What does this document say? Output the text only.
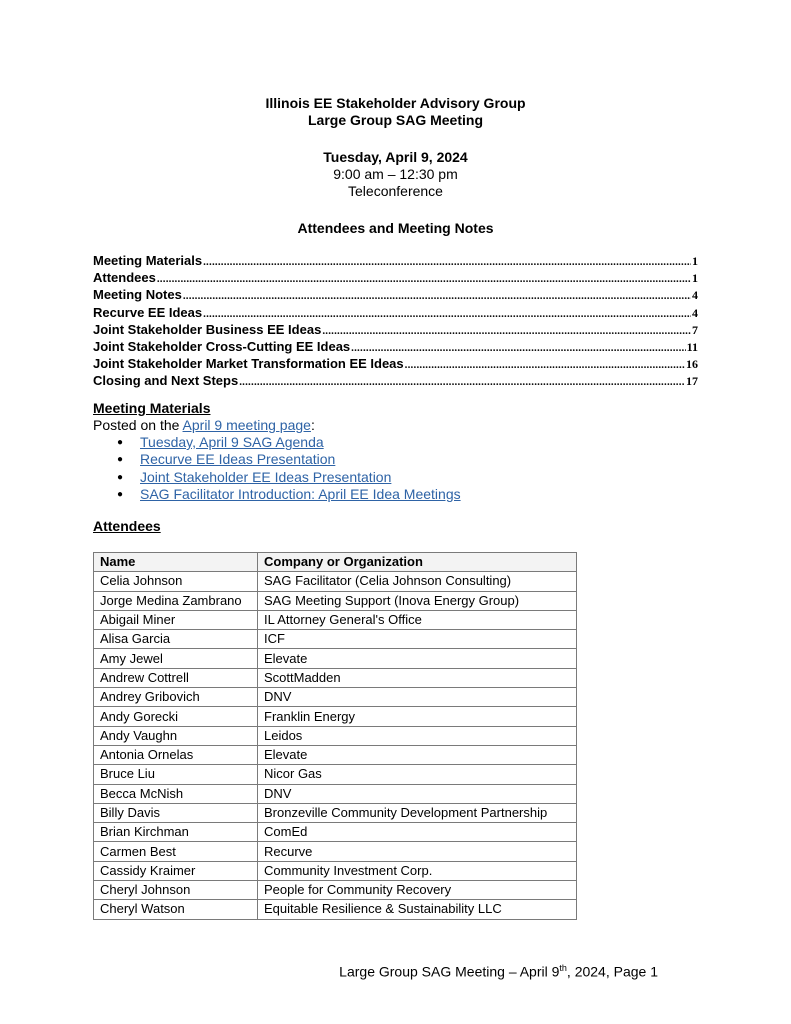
Illinois EE Stakeholder Advisory Group

Large Group SAG Meeting

Tuesday, April 9, 2024

9:00 am – 12:30 pm

Teleconference

Attendees and Meeting Notes

Meeting Materials .....	1
Attendees .....	1
Meeting Notes .....	4
Recurve EE Ideas .....	4
Joint Stakeholder Business EE Ideas .....	7
Joint Stakeholder Cross-Cutting EE Ideas .....	11
Joint Stakeholder Market Transformation EE Ideas .....	16
Closing and Next Steps .....	17
Meeting Materials
Posted on the April 9 meeting page:
● Tuesday, April 9 SAG Agenda
● Recurve EE Ideas Presentation
● Joint Stakeholder EE Ideas Presentation
● SAG Facilitator Introduction: April EE Idea Meetings
Attendees
Name	Company or Organization
Celia Johnson	SAG Facilitator (Celia Johnson Consulting)
Jorge Medina Zambrano	SAG Meeting Support (Inova Energy Group)
Abigail Miner	IL Attorney General's Office
Alisa Garcia	ICF
Amy Jewel	Elevate
Andrew Cottrell	ScottMadden
Andrey Gribovich	DNV
Andy Gorecki	Franklin Energy
Andy Vaughn	Leidos
Antonia Ornelas	Elevate
Bruce Liu	Nicor Gas
Becca McNish	DNV
Billy Davis	Bronzeville Community Development Partnership
Brian Kirchman	ComEd
Carmen Best	Recurve
Cassidy Kraimer	Community Investment Corp.
Cheryl Johnson	People for Community Recovery
Cheryl Watson	Equitable Resilience & Sustainability LLC
Large Group SAG Meeting – April 9th, 2024, Page 1
